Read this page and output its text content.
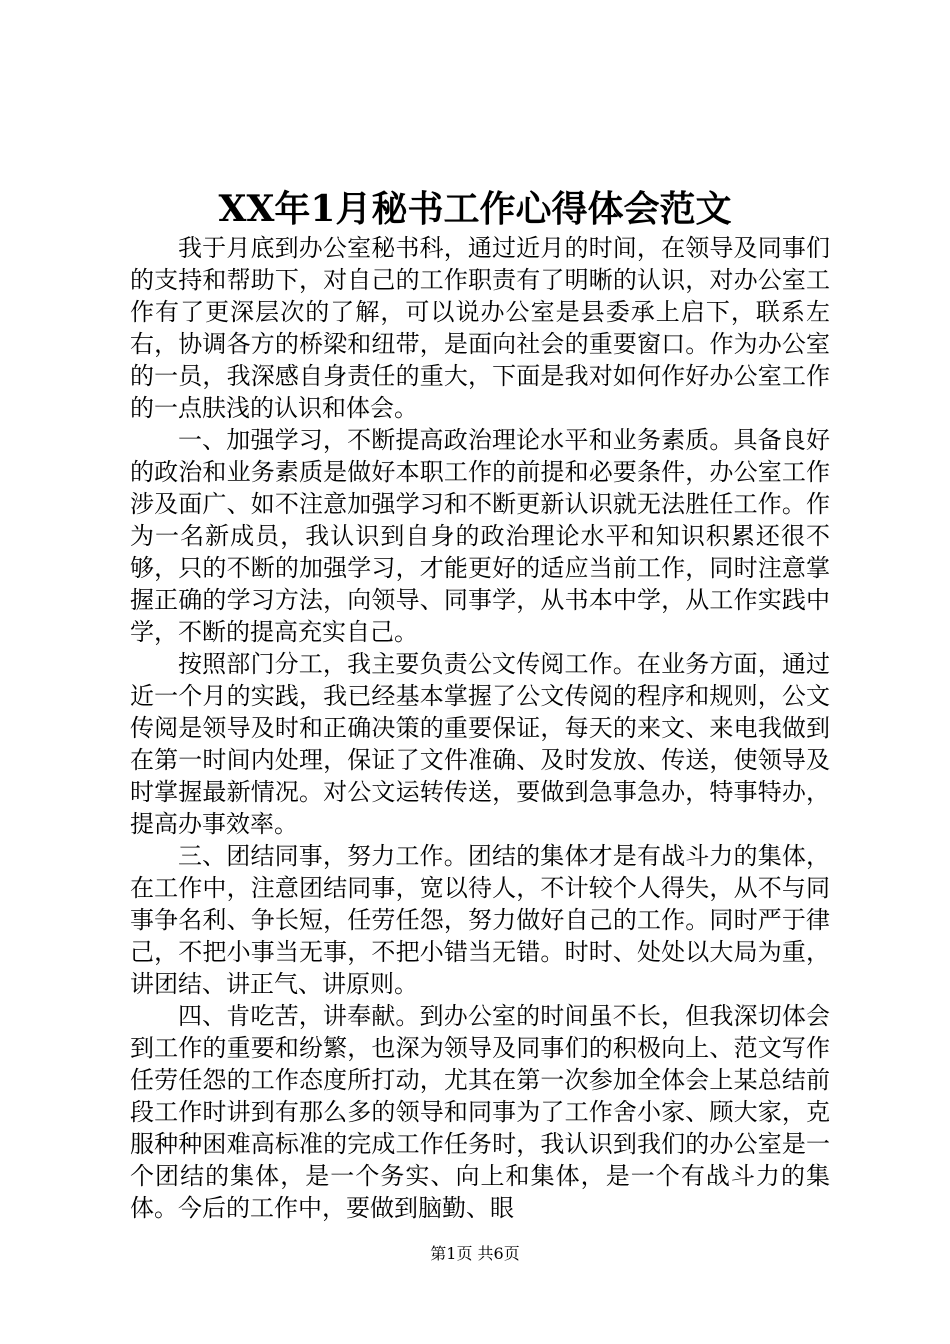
XX年1月秘书工作心得体会范文

我于月底到办公室秘书科，通过近月的时间，在领导及同事们的支持和帮助下，对自己的工作职责有了明晰的认识，对办公室工作有了更深层次的了解，可以说办公室是县委承上启下，联系左右，协调各方的桥梁和纽带，是面向社会的重要窗口。作为办公室的一员，我深感自身责任的重大，下面是我对如何作好办公室工作的一点肤浅的认识和体会。

一、加强学习，不断提高政治理论水平和业务素质。具备良好的政治和业务素质是做好本职工作的前提和必要条件，办公室工作涉及面广、如不注意加强学习和不断更新认识就无法胜任工作。作为一名新成员，我认识到自身的政治理论水平和知识积累还很不够，只的不断的加强学习，才能更好的适应当前工作，同时注意掌握正确的学习方法，向领导、同事学，从书本中学，从工作实践中学，不断的提高充实自己。

按照部门分工，我主要负责公文传阅工作。在业务方面，通过近一个月的实践，我已经基本掌握了公文传阅的程序和规则，公文传阅是领导及时和正确决策的重要保证，每天的来文、来电我做到在第一时间内处理，保证了文件准确、及时发放、传送，使领导及时掌握最新情况。对公文运转传送，要做到急事急办，特事特办，提高办事效率。

三、团结同事，努力工作。团结的集体才是有战斗力的集体，在工作中，注意团结同事，宽以待人，不计较个人得失，从不与同事争名利、争长短，任劳任怨，努力做好自己的工作。同时严于律己，不把小事当无事，不把小错当无错。时时、处处以大局为重，讲团结、讲正气、讲原则。

四、肯吃苦，讲奉献。到办公室的时间虽不长，但我深切体会到工作的重要和纷繁，也深为领导及同事们的积极向上、范文写作任劳任怨的工作态度所打动，尤其在第一次参加全体会上某总结前段工作时讲到有那么多的领导和同事为了工作舍小家、顾大家，克服种种困难高标准的完成工作任务时，我认识到我们的办公室是一个团结的集体，是一个务实、向上和集体，是一个有战斗力的集体。今后的工作中，要做到脑勤、眼

第1页 共6页
